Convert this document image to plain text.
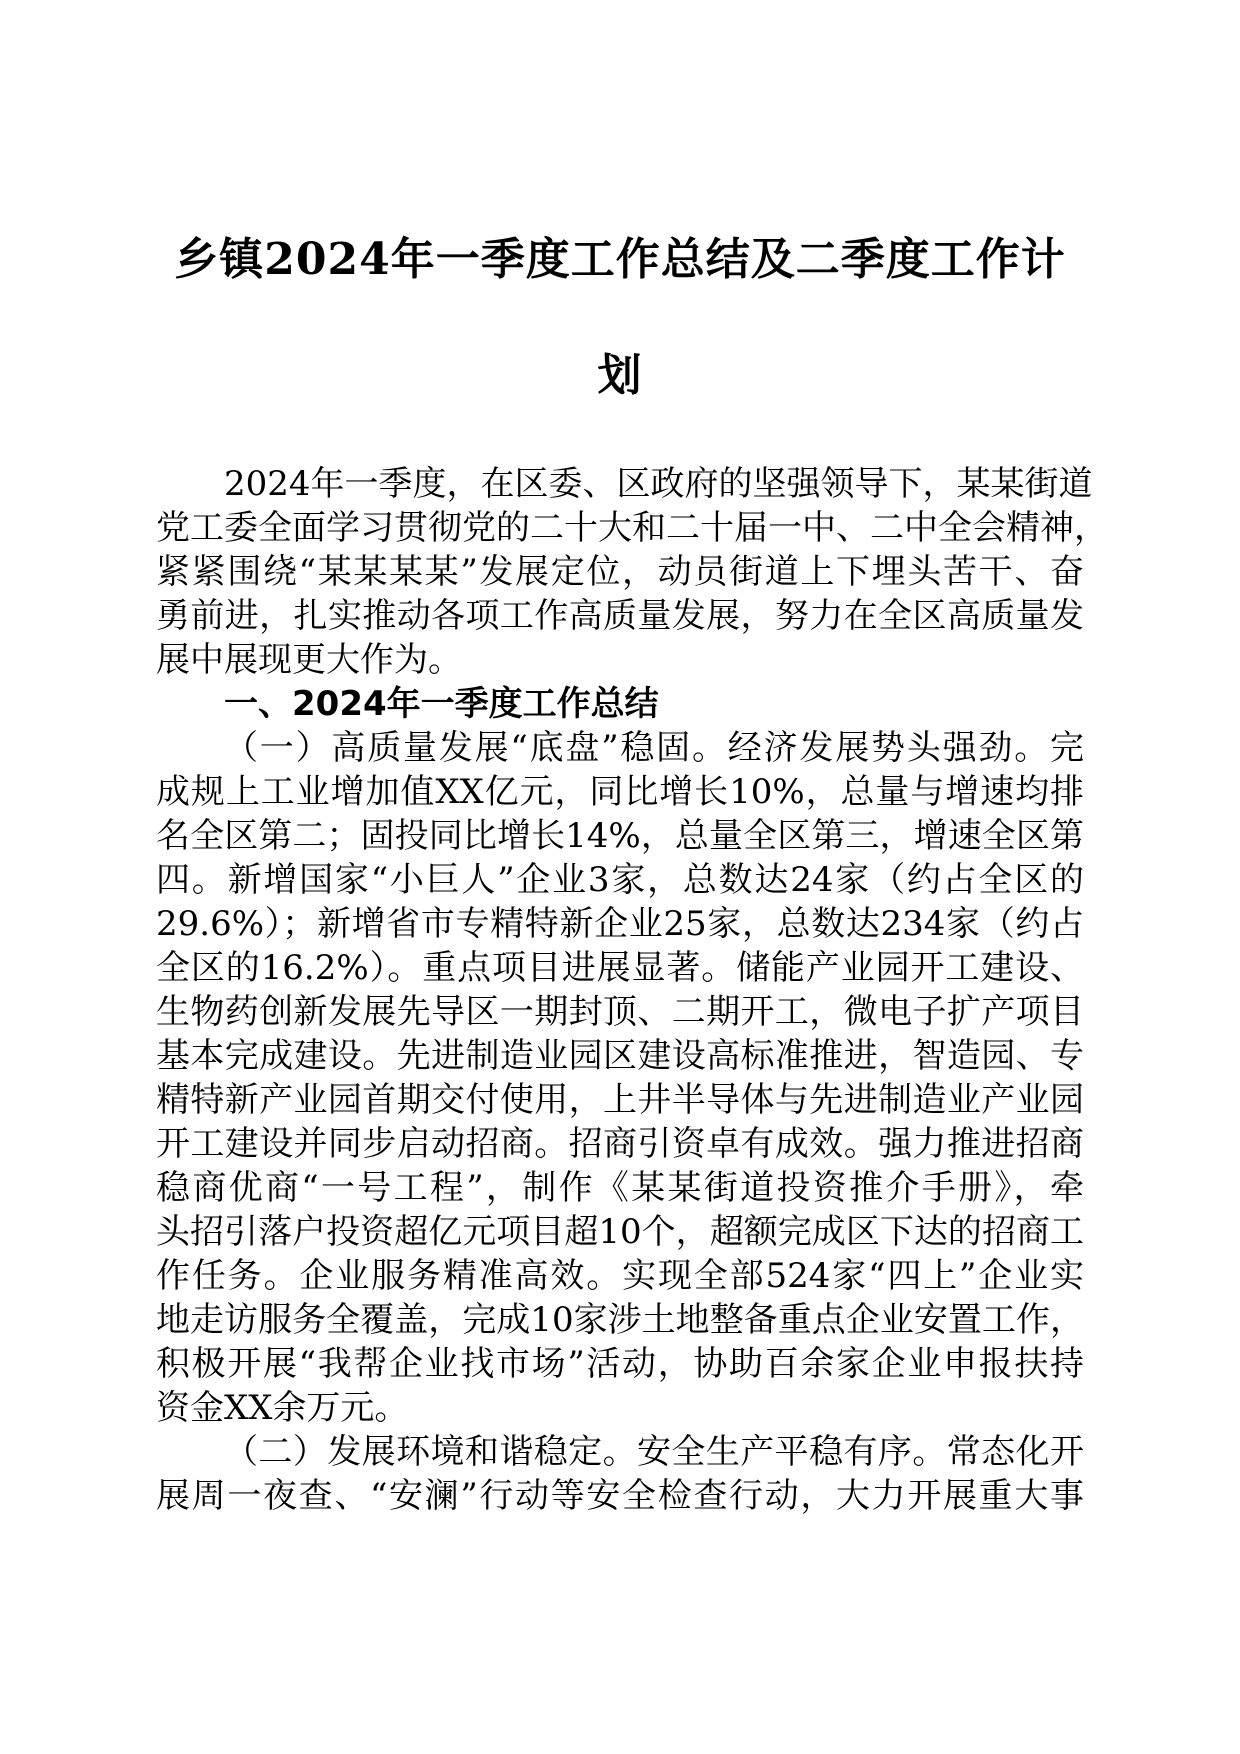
乡镇2024年一季度工作总结及二季度工作计
划
2024年一季度，在区委、区政府的坚强领导下，某某街道
党工委全面学习贯彻党的二十大和二十届一中、二中全会精神，
紧紧围绕“某某某某”发展定位，动员街道上下埋头苦干、奋
勇前进，扎实推动各项工作高质量发展，努力在全区高质量发
展中展现更大作为。
一、2024年一季度工作总结
（一）高质量发展“底盘”稳固。经济发展势头强劲。完
成规上工业增加值XX亿元，同比增长10%，总量与增速均排
名全区第二；固投同比增长14%，总量全区第三，增速全区第
四。新增国家“小巨人”企业3家，总数达24家（约占全区的
29.6%）；新增省市专精特新企业25家，总数达234家（约占
全区的16.2%）。重点项目进展显著。储能产业园开工建设、
生物药创新发展先导区一期封顶、二期开工，微电子扩产项目
基本完成建设。先进制造业园区建设高标准推进，智造园、专
精特新产业园首期交付使用，上井半导体与先进制造业产业园
开工建设并同步启动招商。招商引资卓有成效。强力推进招商
稳商优商“一号工程”，制作《某某街道投资推介手册》，牵
头招引落户投资超亿元项目超10个，超额完成区下达的招商工
作任务。企业服务精准高效。实现全部524家“四上”企业实
地走访服务全覆盖，完成10家涉土地整备重点企业安置工作，
积极开展“我帮企业找市场”活动，协助百余家企业申报扶持
资金XX余万元。
（二）发展环境和谐稳定。安全生产平稳有序。常态化开
展周一夜查、“安澜”行动等安全检查行动，大力开展重大事
